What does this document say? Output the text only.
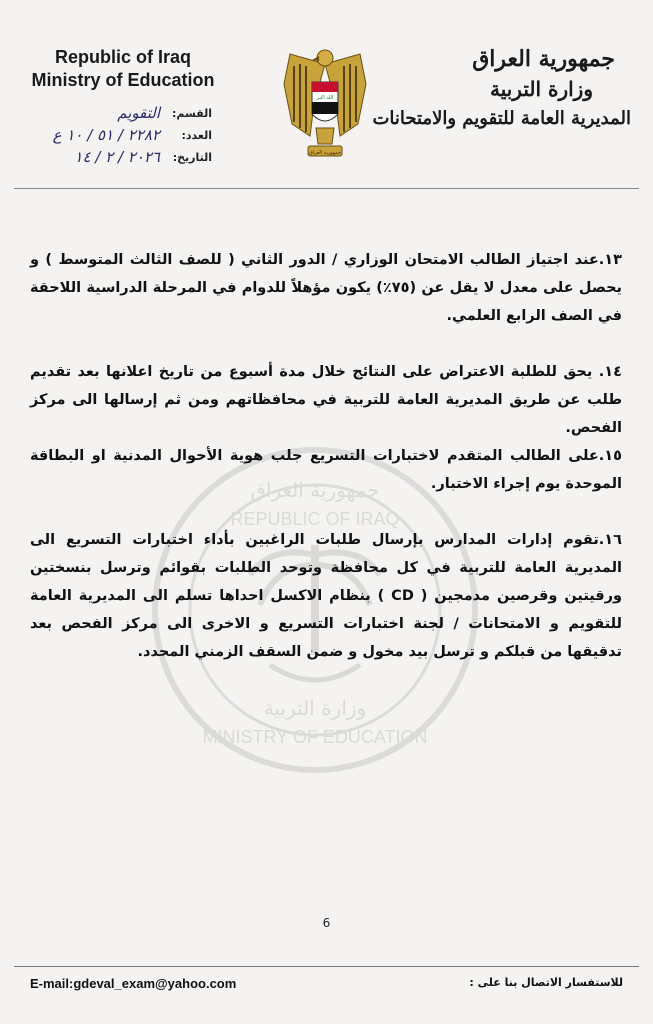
Republic of Iraq
Ministry of Education
القسم:
التقويم
العدد:
٢٢٨٢ / ٥١ / ١٠ ع
التاريخ:
٢٠٢٦ / ٢ / ١٤
الله اكبر
جمهورية العراق
جمهورية العراق
وزارة التربية
المديرية العامة للتقويم والامتحانات
جمهورية العراق
REPUBLIC OF IRAQ
وزارة التربية
MINISTRY OF EDUCATION

١٣.عند اجتياز الطالب الامتحان الوزاري / الدور الثاني ( للصف الثالث المتوسط ) و يحصل على معدل لا يقل عن (٧٥٪) يكون مؤهلاً للدوام في المرحلة الدراسية اللاحقة في الصف الرابع العلمي.

١٤. يحق للطلبة الاعتراض على النتائج خلال مدة أسبوع من تاريخ اعلانها بعد تقديم طلب عن طريق المديرية العامة للتربية في محافظاتهم ومن ثم إرسالها الى مركز الفحص.

١٥.على الطالب المتقدم لاختبارات التسريع جلب هوية الأحوال المدنية او البطاقة الموحدة يوم إجراء الاختبار.

١٦.تقوم إدارات المدارس بإرسال طلبات الراغبين بأداء اختبارات التسريع الى المديرية العامة للتربية في كل محافظة وتوحد الطلبات بقوائم وترسل بنسختين ورقيتين وقرصين مدمجين ( CD ) بنظام الاكسل احداها تسلم الى المديرية العامة للتقويم و الامتحانات / لجنة اختبارات التسريع و الاخرى الى مركز الفحص بعد تدقيقها من قبلكم و ترسل بيد مخول و ضمن السقف الزمني المحدد.

6
E-mail:gdeval_exam@yahoo.com	للاستفسار الاتصال بنا على :
